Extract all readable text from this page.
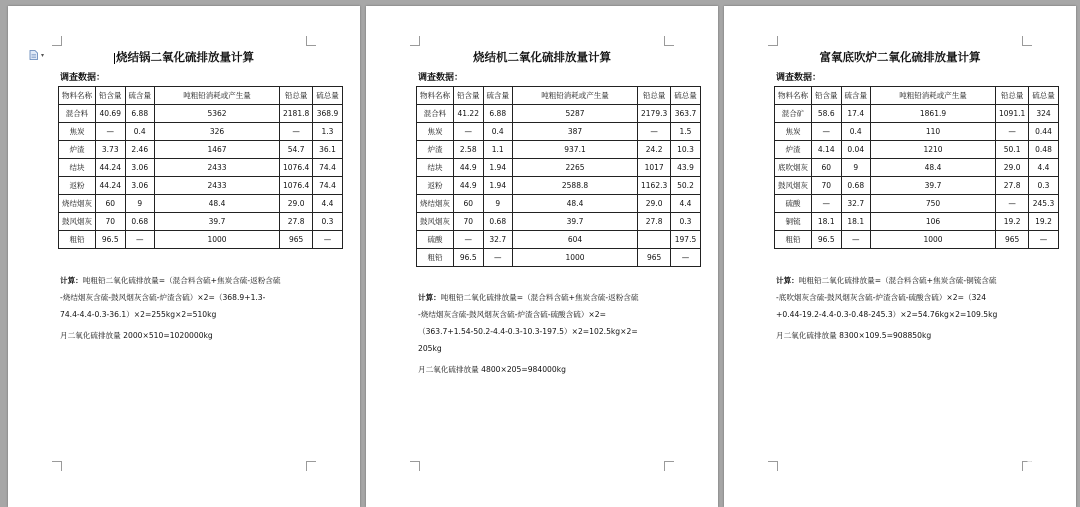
▾	烧结锅二氧化硫排放量计算
调查数据：
物料名称	铅含量	硫含量	吨粗铅消耗或产生量	铅总量	硫总量
混合料	40.69	6.88	5362	2181.8	368.9
焦炭	—	0.4	326	—	1.3
炉渣	3.73	2.46	1467	54.7	36.1
结块	44.24	3.06	2433	1076.4	74.4
返粉	44.24	3.06	2433	1076.4	74.4
烧结烟灰	60	9	48.4	29.0	4.4
鼓风烟灰	70	0.68	39.7	27.8	0.3
粗铅	96.5	—	1000	965	—
计算：吨粗铅二氧化硫排放量=（混合料含硫+焦炭含硫-返粉含硫
-烧结烟灰含硫-鼓风烟灰含硫-炉渣含硫）×2=（368.9+1.3-
74.4-4.4-0.3-36.1）×2=255kg×2=510kg
月二氧化硫排放量 2000×510=1020000kg
烧结机二氧化硫排放量计算
调查数据：
物料名称	铅含量	硫含量	吨粗铅消耗或产生量	铅总量	硫总量
混合料	41.22	6.88	5287	2179.3	363.7
焦炭	—	0.4	387	—	1.5
炉渣	2.58	1.1	937.1	24.2	10.3
结块	44.9	1.94	2265	1017	43.9
返粉	44.9	1.94	2588.8	1162.3	50.2
烧结烟灰	60	9	48.4	29.0	4.4
鼓风烟灰	70	0.68	39.7	27.8	0.3
硫酸	—	32.7	604		197.5
粗铅	96.5	—	1000	965	—
计算：吨粗铅二氧化硫排放量=（混合料含硫+焦炭含硫-返粉含硫
-烧结烟灰含硫-鼓风烟灰含硫-炉渣含硫-硫酸含硫）×2=
（363.7+1.54-50.2-4.4-0.3-10.3-197.5）×2=102.5kg×2=
205kg
月二氧化硫排放量 4800×205=984000kg
富氧底吹炉二氧化硫排放量计算
调查数据：
物料名称	铅含量	硫含量	吨粗铅消耗或产生量	铅总量	硫总量
混合矿	58.6	17.4	1861.9	1091.1	324
焦炭	—	0.4	110	—	0.44
炉渣	4.14	0.04	1210	50.1	0.48
底吹烟灰	60	9	48.4	29.0	4.4
鼓风烟灰	70	0.68	39.7	27.8	0.3
硫酸	—	32.7	750	—	245.3
铜锍	18.1	18.1	106	19.2	19.2
粗铅	96.5	—	1000	965	—
计算：吨粗铅二氧化硫排放量=（混合料含硫+焦炭含硫-铜锍含硫
-底吹烟灰含硫-鼓风烟灰含硫-炉渣含硫-硫酸含硫）×2=（324
+0.44-19.2-4.4-0.3-0.48-245.3）×2=54.76kg×2=109.5kg
月二氧化硫排放量 8300×109.5=908850kg
ESHB
资料环保学社·COM
